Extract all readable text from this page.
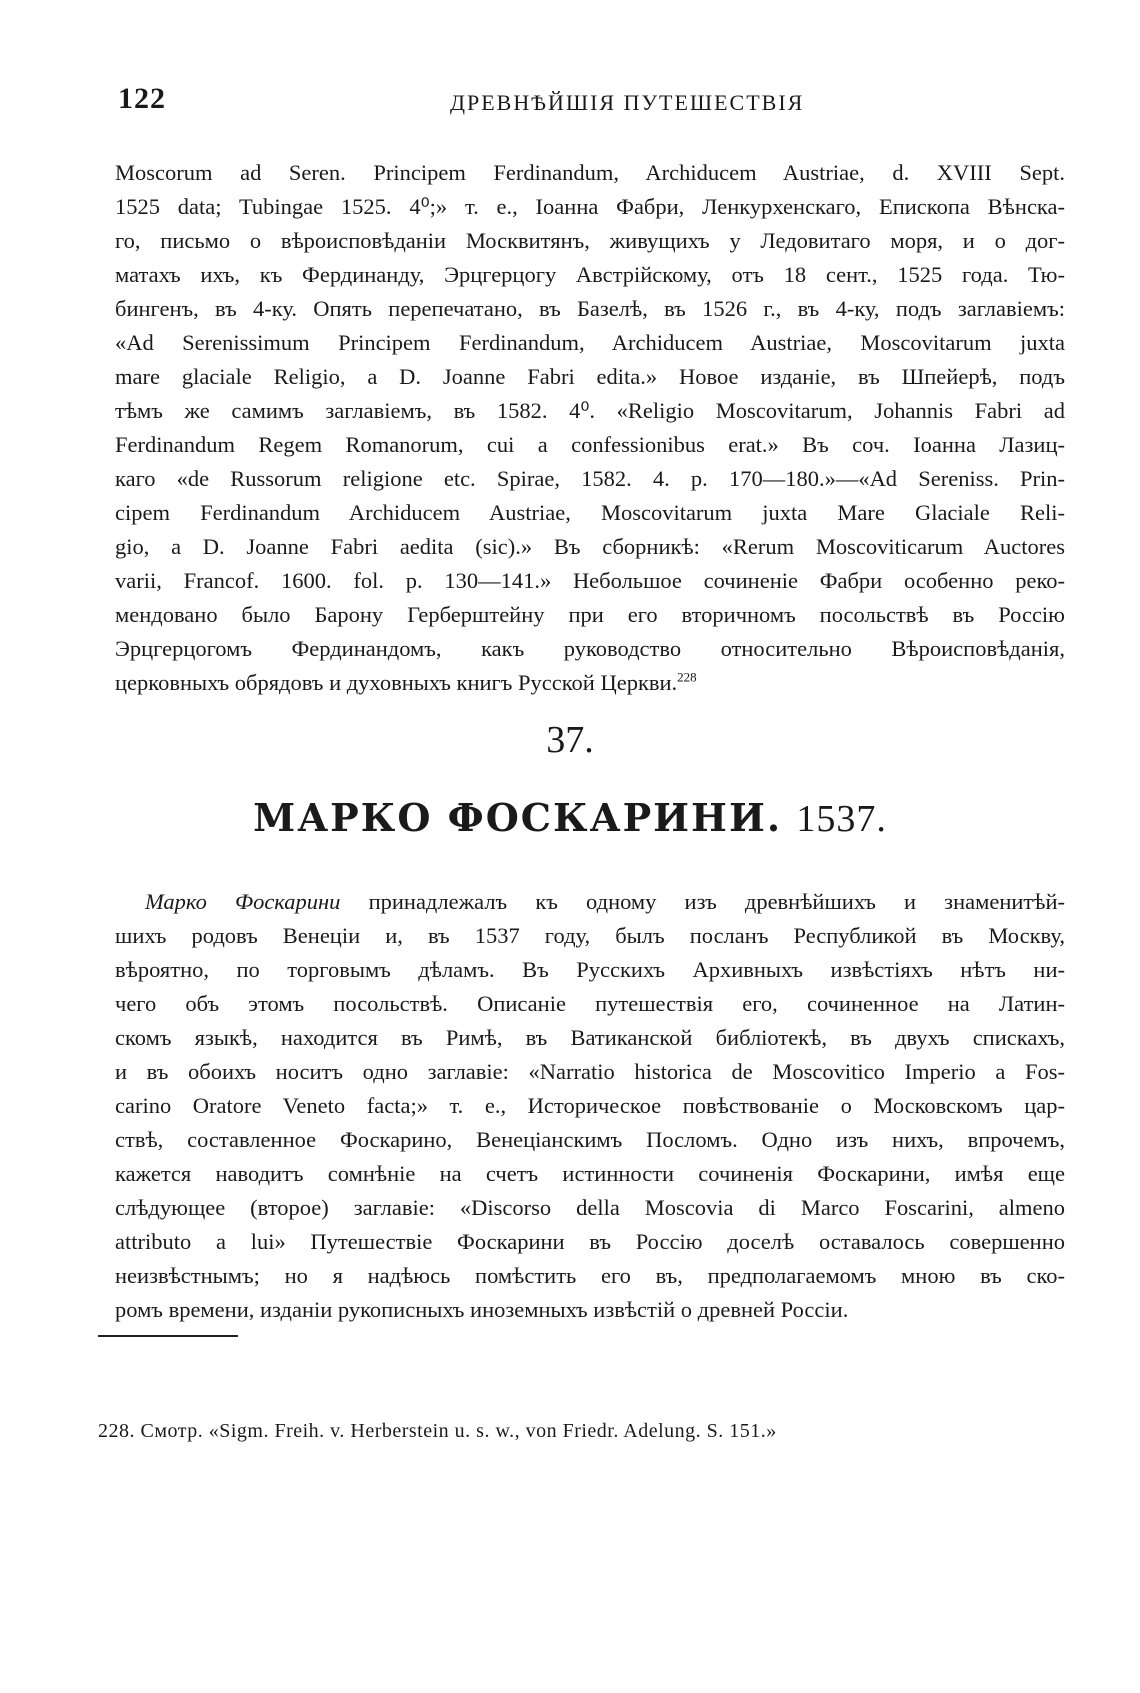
122	ДРЕВНѢЙШІЯ ПУТЕШЕСТВІЯ
Moscorum ad Seren. Principem Ferdinandum, Archiducem Austriae, d. XVIII Sept.
1525 data; Tubingae 1525. 4⁰;» т. е., Іоанна Фабри, Ленкурхенскаго, Епископа Вѣнска-
го, письмо о вѣроисповѣданіи Москвитянъ, живущихъ у Ледовитаго моря, и о дог-
матахъ ихъ, къ Фердинанду, Эрцгерцогу Австрійскому, отъ 18 сент., 1525 года. Тю-
бингенъ, въ 4-ку. Опять перепечатано, въ Базелѣ, въ 1526 г., въ 4-ку, подъ заглавіемъ:
«Ad Serenissimum Principem Ferdinandum, Archiducem Austriae, Moscovitarum juxta
mare glaciale Religio, a D. Joanne Fabri edita.» Новое изданіе, въ Шпейерѣ, подъ
тѣмъ же самимъ заглавіемъ, въ 1582. 4⁰. «Religio Moscovitarum, Johannis Fabri ad
Ferdinandum Regem Romanorum, cui a confessionibus erat.» Въ соч. Іоанна Лазиц-
каго «de Russorum religione etc. Spirae, 1582. 4. p. 170—180.»—«Ad Sereniss. Prin-
cipem Ferdinandum Archiducem Austriae, Moscovitarum juxta Mare Glaciale Reli-
gio, a D. Joanne Fabri aedita (sic).» Въ сборникѣ: «Rerum Moscoviticarum Auctores
varii, Francof. 1600. fol. p. 130—141.» Небольшое сочиненіе Фабри особенно реко-
мендовано было Барону Герберштейну при его вторичномъ посольствѣ въ Россію
Эрцгерцогомъ Фердинандомъ, какъ руководство относительно Вѣроисповѣданія,
церковныхъ обрядовъ и духовныхъ книгъ Русской Церкви.$^{228}$
37.
МАРКО ФОСКАРИНИ. 1537.
Марко Фоскарини принадлежалъ къ одному изъ древнѣйшихъ и знаменитѣй-
шихъ родовъ Венеціи и, въ 1537 году, былъ посланъ Республикой въ Москву,
вѣроятно, по торговымъ дѣламъ. Въ Русскихъ Архивныхъ извѣстіяхъ нѣтъ ни-
чего объ этомъ посольствѣ. Описаніе путешествія его, сочиненное на Латин-
скомъ языкѣ, находится въ Римѣ, въ Ватиканской библіотекѣ, въ двухъ спискахъ,
и въ обоихъ носитъ одно заглавіе: «Narratio historica de Moscovitico Imperio a Fos-
carino Oratore Veneto facta;» т. е., Историческое повѣствованіе о Московскомъ цар-
ствѣ, составленное Фоскарино, Венеціанскимъ Посломъ. Одно изъ нихъ, впрочемъ,
кажется наводитъ сомнѣніе на счетъ истинности сочиненія Фоскарини, имѣя еще
слѣдующее (второе) заглавіе: «Discorso della Moscovia di Marco Foscarini, almeno
attributo a lui» Путешествіе Фоскарини въ Россію доселѣ оставалось совершенно
неизвѣстнымъ; но я надѣюсь помѣстить его въ, предполагаемомъ мною въ ско-
ромъ времени, изданіи рукописныхъ иноземныхъ извѣстій о древней Россіи.
228. Смотр. «Sigm. Freih. v. Herberstein u. s. w., von Friedr. Adelung. S. 151.»
